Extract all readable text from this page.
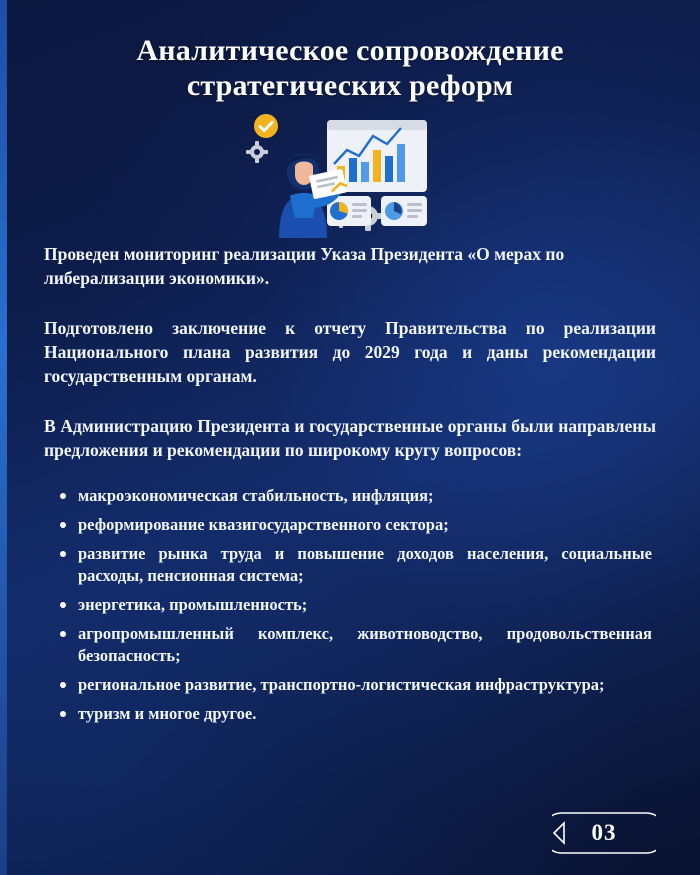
Аналитическое сопровождение стратегических реформ

Проведен мониторинг реализации Указа Президента «О мерах по либерализации экономики».

Подготовлено заключение к отчету Правительства по реализации Национального плана развития до 2029 года и даны рекомендации государственным органам.

В Администрацию Президента и государственные органы были направлены предложения и рекомендации по широкому кругу вопросов:

макроэкономическая стабильность, инфляция;
реформирование квазигосударственного сектора;
развитие рынка труда и повышение доходов населения, социальные расходы, пенсионная система;
энергетика, промышленность;
агропромышленный комплекс, животноводство, продовольственная безопасность;
региональное развитие, транспортно-логистическая инфраструктура;
туризм и многое другое.
03
